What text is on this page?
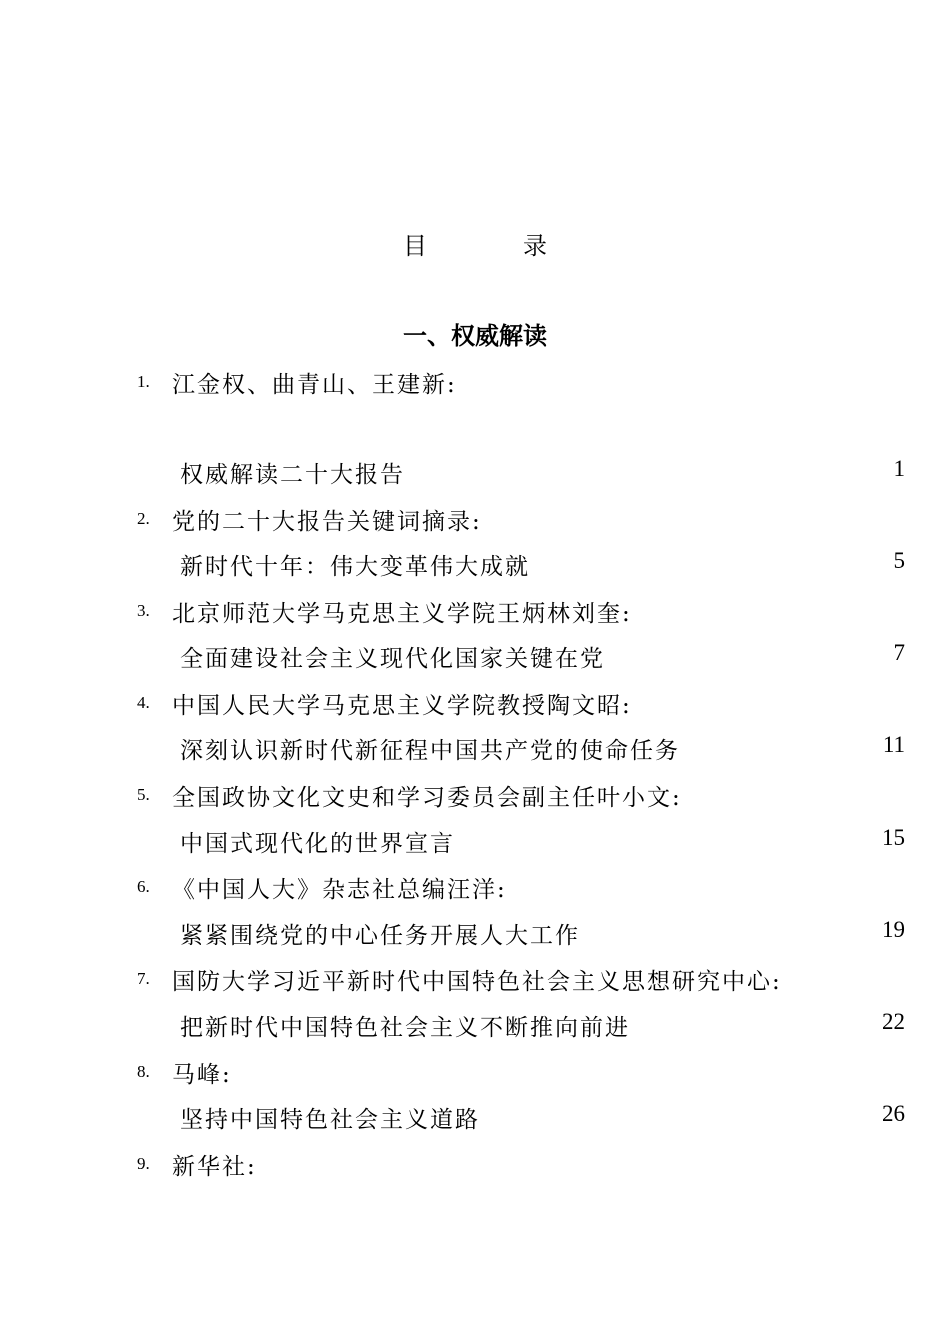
目　录
一、权威解读
1. 江金权、曲青山、王建新:
权威解读二十大报告	1
2. 党的二十大报告关键词摘录:
新时代十年：伟大变革伟大成就	5
3. 北京师范大学马克思主义学院王炳林刘奎:
全面建设社会主义现代化国家关键在党	7
4. 中国人民大学马克思主义学院教授陶文昭:
深刻认识新时代新征程中国共产党的使命任务	11
5. 全国政协文化文史和学习委员会副主任叶小文:
中国式现代化的世界宣言	15
6. 《中国人大》杂志社总编汪洋:
紧紧围绕党的中心任务开展人大工作	19
7. 国防大学习近平新时代中国特色社会主义思想研究中心:
把新时代中国特色社会主义不断推向前进	22
8. 马峰:
坚持中国特色社会主义道路	26
9. 新华社:
